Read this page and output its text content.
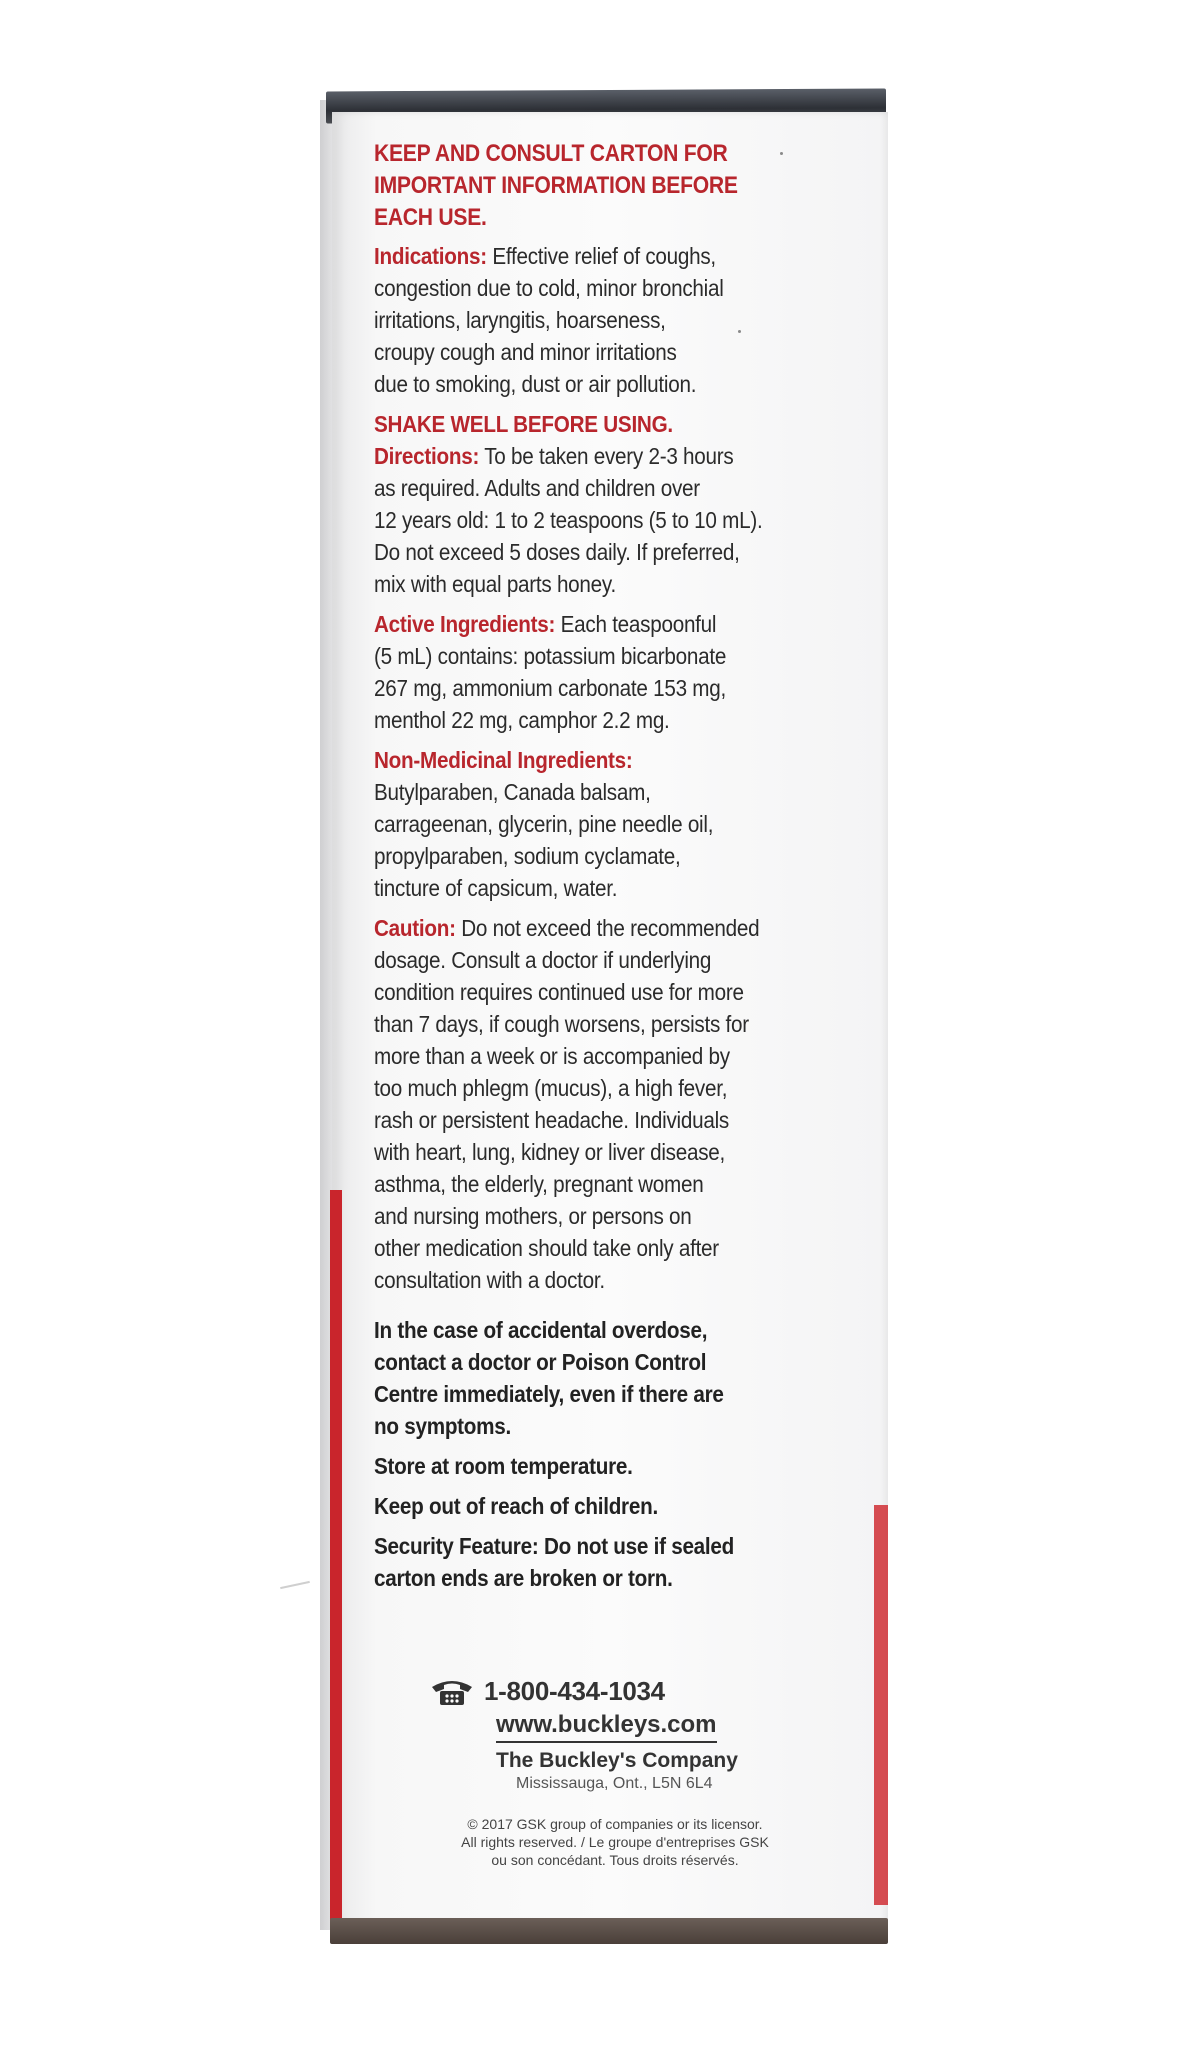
KEEP AND CONSULT CARTON FOR
IMPORTANT INFORMATION BEFORE
EACH USE.
Indications: Effective relief of coughs,
congestion due to cold, minor bronchial
irritations, laryngitis, hoarseness,
croupy cough and minor irritations
due to smoking, dust or air pollution.
SHAKE WELL BEFORE USING.
Directions: To be taken every 2-3 hours
as required. Adults and children over
12 years old: 1 to 2 teaspoons (5 to 10 mL).
Do not exceed 5 doses daily. If preferred,
mix with equal parts honey.
Active Ingredients: Each teaspoonful
(5 mL) contains: potassium bicarbonate
267 mg, ammonium carbonate 153 mg,
menthol 22 mg, camphor 2.2 mg.
Non-Medicinal Ingredients:
Butylparaben, Canada balsam,
carrageenan, glycerin, pine needle oil,
propylparaben, sodium cyclamate,
tincture of capsicum, water.
Caution: Do not exceed the recommended
dosage. Consult a doctor if underlying
condition requires continued use for more
than 7 days, if cough worsens, persists for
more than a week or is accompanied by
too much phlegm (mucus), a high fever,
rash or persistent headache. Individuals
with heart, lung, kidney or liver disease,
asthma, the elderly, pregnant women
and nursing mothers, or persons on
other medication should take only after
consultation with a doctor.
In the case of accidental overdose,
contact a doctor or Poison Control
Centre immediately, even if there are
no symptoms.
Store at room temperature.
Keep out of reach of children.
Security Feature: Do not use if sealed
carton ends are broken or torn.
1-800-434-1034
www.buckleys.com
The Buckley's Company
Mississauga, Ont., L5N 6L4
© 2017 GSK group of companies or its licensor.
All rights reserved. / Le groupe d'entreprises GSK
ou son concédant. Tous droits réservés.
